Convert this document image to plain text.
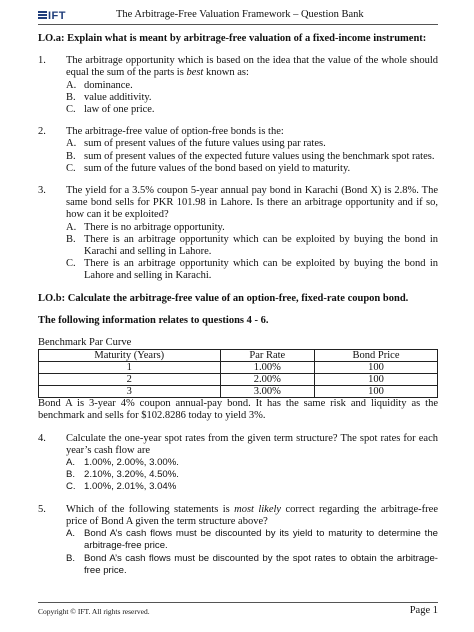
IFT	The Arbitrage-Free Valuation Framework – Question Bank

LO.a: Explain what is meant by arbitrage-free valuation of a fixed-income instrument:

1. The arbitrage opportunity which is based on the idea that the value of the whole should equal the sum of the parts is best known as:
A. dominance.
B. value additivity.
C. law of one price.
2. The arbitrage-free value of option-free bonds is the:
A. sum of present values of the future values using par rates.
B. sum of present values of the expected future values using the benchmark spot rates.
C. sum of the future values of the bond based on yield to maturity.
3. The yield for a 3.5% coupon 5-year annual pay bond in Karachi (Bond X) is 2.8%. The same bond sells for PKR 101.98 in Lahore. Is there an arbitrage opportunity and if so, how can it be exploited?
A. There is no arbitrage opportunity.
B. There is an arbitrage opportunity which can be exploited by buying the bond in Karachi and selling in Lahore.
C. There is an arbitrage opportunity which can be exploited by buying the bond in Lahore and selling in Karachi.

LO.b: Calculate the arbitrage-free value of an option-free, fixed-rate coupon bond.

The following information relates to questions 4 - 6.

Benchmark Par Curve

Maturity (Years)	Par Rate	Bond Price
1	1.00%	100
2	2.00%	100
3	3.00%	100

Bond A is 3-year 4% coupon annual-pay bond. It has the same risk and liquidity as the benchmark and sells for $102.8286 today to yield 3%.

4. Calculate the one-year spot rates from the given term structure? The spot rates for each year’s cash flow are
A. 1.00%, 2.00%, 3.00%.
B. 2.10%, 3.20%, 4.50%.
C. 1.00%, 2.01%, 3.04%
5. Which of the following statements is most likely correct regarding the arbitrage-free price of Bond A given the term structure above?
A. Bond A’s cash flows must be discounted by its yield to maturity to determine the arbitrage-free price.
B. Bond A’s cash flows must be discounted by the spot rates to obtain the arbitrage-free price.
Copyright © IFT. All rights reserved.	Page 1
